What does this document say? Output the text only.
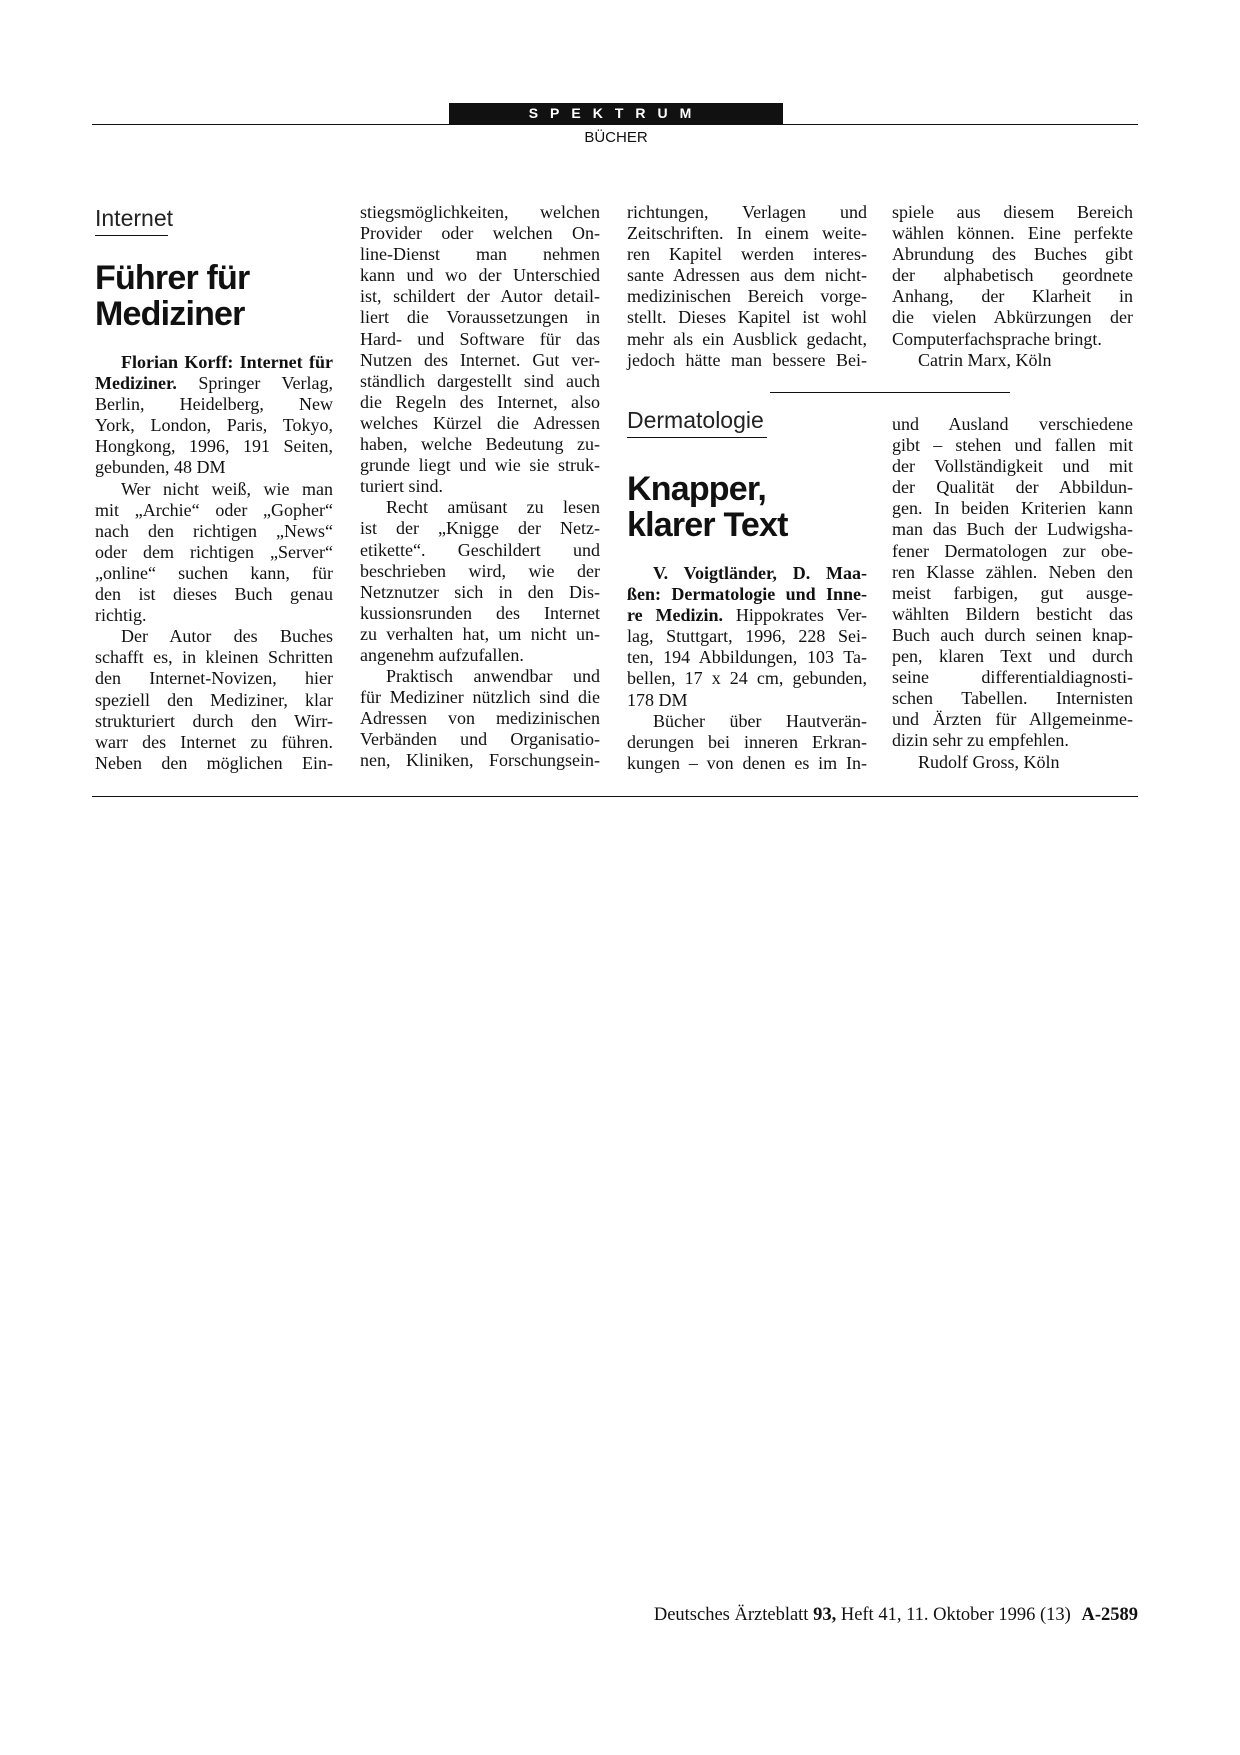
SPEKTRUM
BÜCHER
Internet
Führer für
Mediziner
Florian Korff: Internet für
Mediziner. Springer Verlag,
Berlin, Heidelberg, New
York, London, Paris, Tokyo,
Hongkong, 1996, 191 Seiten,
gebunden, 48 DM
Wer nicht weiß, wie man
mit „Archie“ oder „Gopher“
nach den richtigen „News“
oder dem richtigen „Server“
„online“ suchen kann, für
den ist dieses Buch genau
richtig.
Der Autor des Buches
schafft es, in kleinen Schritten
den Internet-Novizen, hier
speziell den Mediziner, klar
strukturiert durch den Wirr-
warr des Internet zu führen.
Neben den möglichen Ein-
stiegsmöglichkeiten, welchen
Provider oder welchen On-
line-Dienst man nehmen
kann und wo der Unterschied
ist, schildert der Autor detail-
liert die Voraussetzungen in
Hard- und Software für das
Nutzen des Internet. Gut ver-
ständlich dargestellt sind auch
die Regeln des Internet, also
welches Kürzel die Adressen
haben, welche Bedeutung zu-
grunde liegt und wie sie struk-
turiert sind.
Recht amüsant zu lesen
ist der „Knigge der Netz-
etikette“. Geschildert und
beschrieben wird, wie der
Netznutzer sich in den Dis-
kussionsrunden des Internet
zu verhalten hat, um nicht un-
angenehm aufzufallen.
Praktisch anwendbar und
für Mediziner nützlich sind die
Adressen von medizinischen
Verbänden und Organisatio-
nen, Kliniken, Forschungsein-
richtungen, Verlagen und
Zeitschriften. In einem weite-
ren Kapitel werden interes-
sante Adressen aus dem nicht-
medizinischen Bereich vorge-
stellt. Dieses Kapitel ist wohl
mehr als ein Ausblick gedacht,
jedoch hätte man bessere Bei-
spiele aus diesem Bereich
wählen können. Eine perfekte
Abrundung des Buches gibt
der alphabetisch geordnete
Anhang, der Klarheit in
die vielen Abkürzungen der
Computerfachsprache bringt.
Catrin Marx, Köln
Dermatologie
Knapper,
klarer Text
V. Voigtländer, D. Maa-
ßen: Dermatologie und Inne-
re Medizin. Hippokrates Ver-
lag, Stuttgart, 1996, 228 Sei-
ten, 194 Abbildungen, 103 Ta-
bellen, 17 x 24 cm, gebunden,
178 DM
Bücher über Hautverän-
derungen bei inneren Erkran-
kungen – von denen es im In-
und Ausland verschiedene
gibt – stehen und fallen mit
der Vollständigkeit und mit
der Qualität der Abbildun-
gen. In beiden Kriterien kann
man das Buch der Ludwigsha-
fener Dermatologen zur obe-
ren Klasse zählen. Neben den
meist farbigen, gut ausge-
wählten Bildern besticht das
Buch auch durch seinen knap-
pen, klaren Text und durch
seine differentialdiagnosti-
schen Tabellen. Internisten
und Ärzten für Allgemeinme-
dizin sehr zu empfehlen.
Rudolf Gross, Köln
Deutsches Ärzteblatt 93, Heft 41, 11. Oktober 1996 (13) A-2589
